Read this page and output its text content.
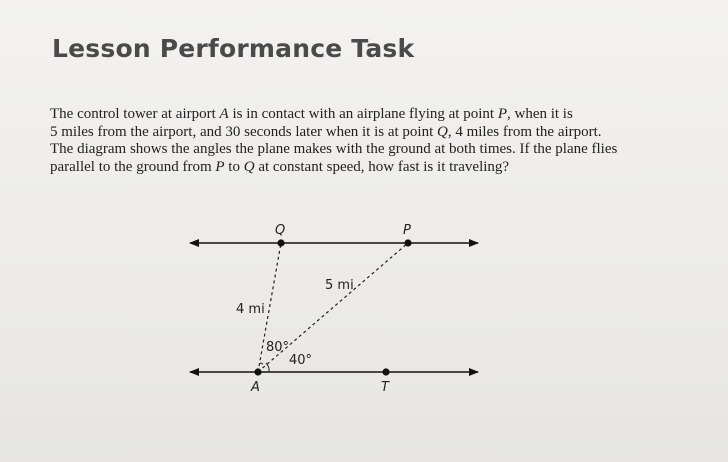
Lesson Performance Task
The control tower at airport A is in contact with an airplane flying at point P, when it is
5 miles from the airport, and 30 seconds later when it is at point Q, 4 miles from the airport.
The diagram shows the angles the plane makes with the ground at both times. If the plane flies
parallel to the ground from P to Q at constant speed, how fast is it traveling?
Q	P
A	T
4 mi
5 mi
80°
40°
